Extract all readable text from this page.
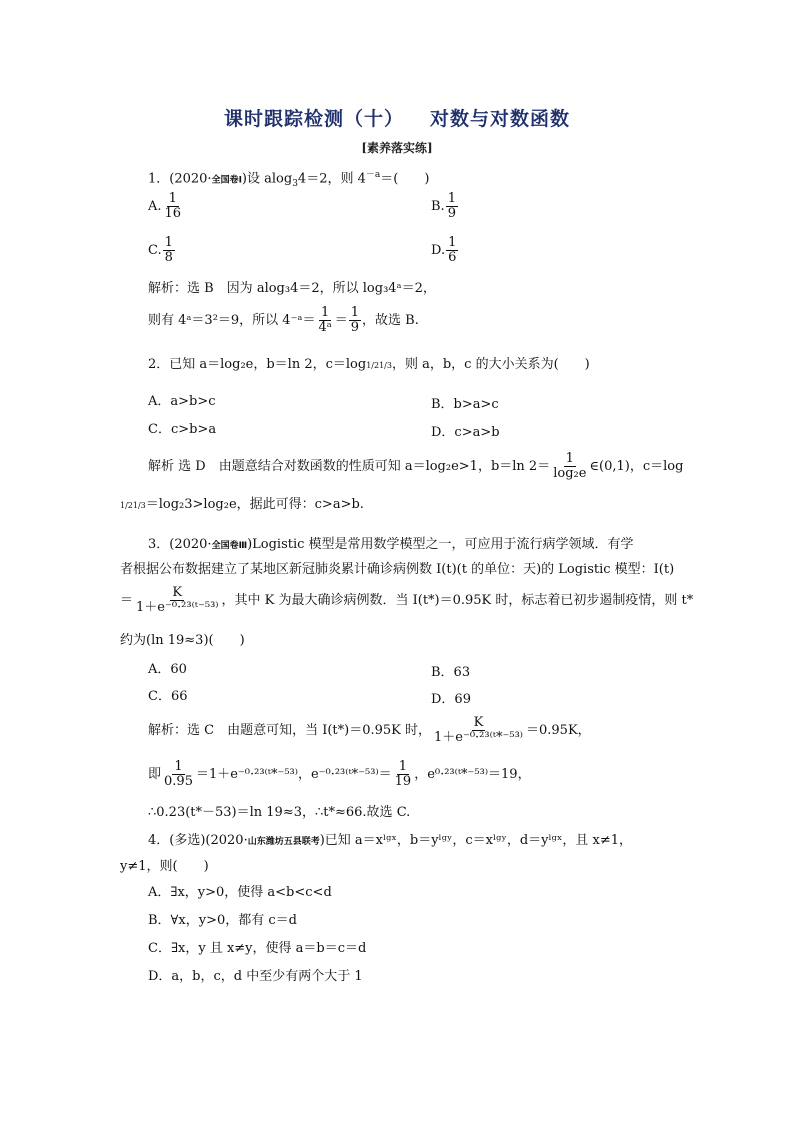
课时跟踪检测（十） 对数与对数函数
[素养落实练]
1．(2020·全国卷Ⅰ)设 alog$_3$4＝2，则 $4^{-a}=$(　　)
A. $\frac{1}{16}$	B. $\frac{1}{9}$
C. $\frac{1}{8}$	D. $\frac{1}{6}$
解析：选 B　因为 alog₃4＝2，所以 log₃4ᵃ＝2，
则有 4ᵃ＝3²＝9，所以 4⁻ᵃ＝ $\frac{1}{\text{4ᵃ}} = \frac{1}{9}$ ，故选 B.
2．已知 a＝log₂e，b＝ln 2，c＝log1/21/3，则 a，b，c 的大小关系为(　　)
A．a>b>c	B．b>a>c
C．c>b>a	D．c>a>b
解析 选 D　由题意结合对数函数的性质可知 a＝log₂e>1，b＝ln $2= \frac{1}{\text{log₂e}}$ ∈(0,1)，c＝log
1/21/3＝log₂3>log₂e，据此可得：c>a>b.
3．(2020·全国卷Ⅲ)Logistic 模型是常用数学模型之一，可应用于流行病学领域．有学
者根据公布数据建立了某地区新冠肺炎累计确诊病例数 I(t)(t 的单位：天)的 Logistic 模型：I(t)
＝ $\frac{K}{\text{1＋e⁻⁰·²³⁽ᵗ⁻⁵³⁾}}$ ，其中 K 为最大确诊病例数．当 I(t*)＝0.95K 时，标志着已初步遏制疫情，则 t*
约为(ln 19≈3)(　　)
A．60	B．63
C．66	D．69
解析：选 C　由题意可知，当 I(t*)＝0.95K 时， $\frac{K}{\text{1＋e⁻⁰·²³⁽ᵗ*⁻⁵³⁾}} =0.95K$，
即 $\frac{1}{0.95}$ ＝1＋e⁻⁰·²³⁽ᵗ*⁻⁵³⁾，e⁻⁰·²³⁽ᵗ*⁻⁵³⁾＝ $\frac{1}{19}$ ，e⁰·²³⁽ᵗ*⁻⁵³⁾＝19，
∴0.23(t*－53)＝ln 19≈3，∴t*≈66.故选 C.
4．(多选)(2020·山东潍坊五县联考)已知 a＝xˡᵍˣ，b＝yˡᵍʸ，c＝xˡᵍʸ，d＝yˡᵍˣ，且 x≠1，
y≠1，则(　　)
A．∃x，y>0，使得 a<b<c<d
B．∀x，y>0，都有 c＝d
C．∃x，y 且 x≠y，使得 a＝b＝c＝d
D．a，b，c，d 中至少有两个大于 1
